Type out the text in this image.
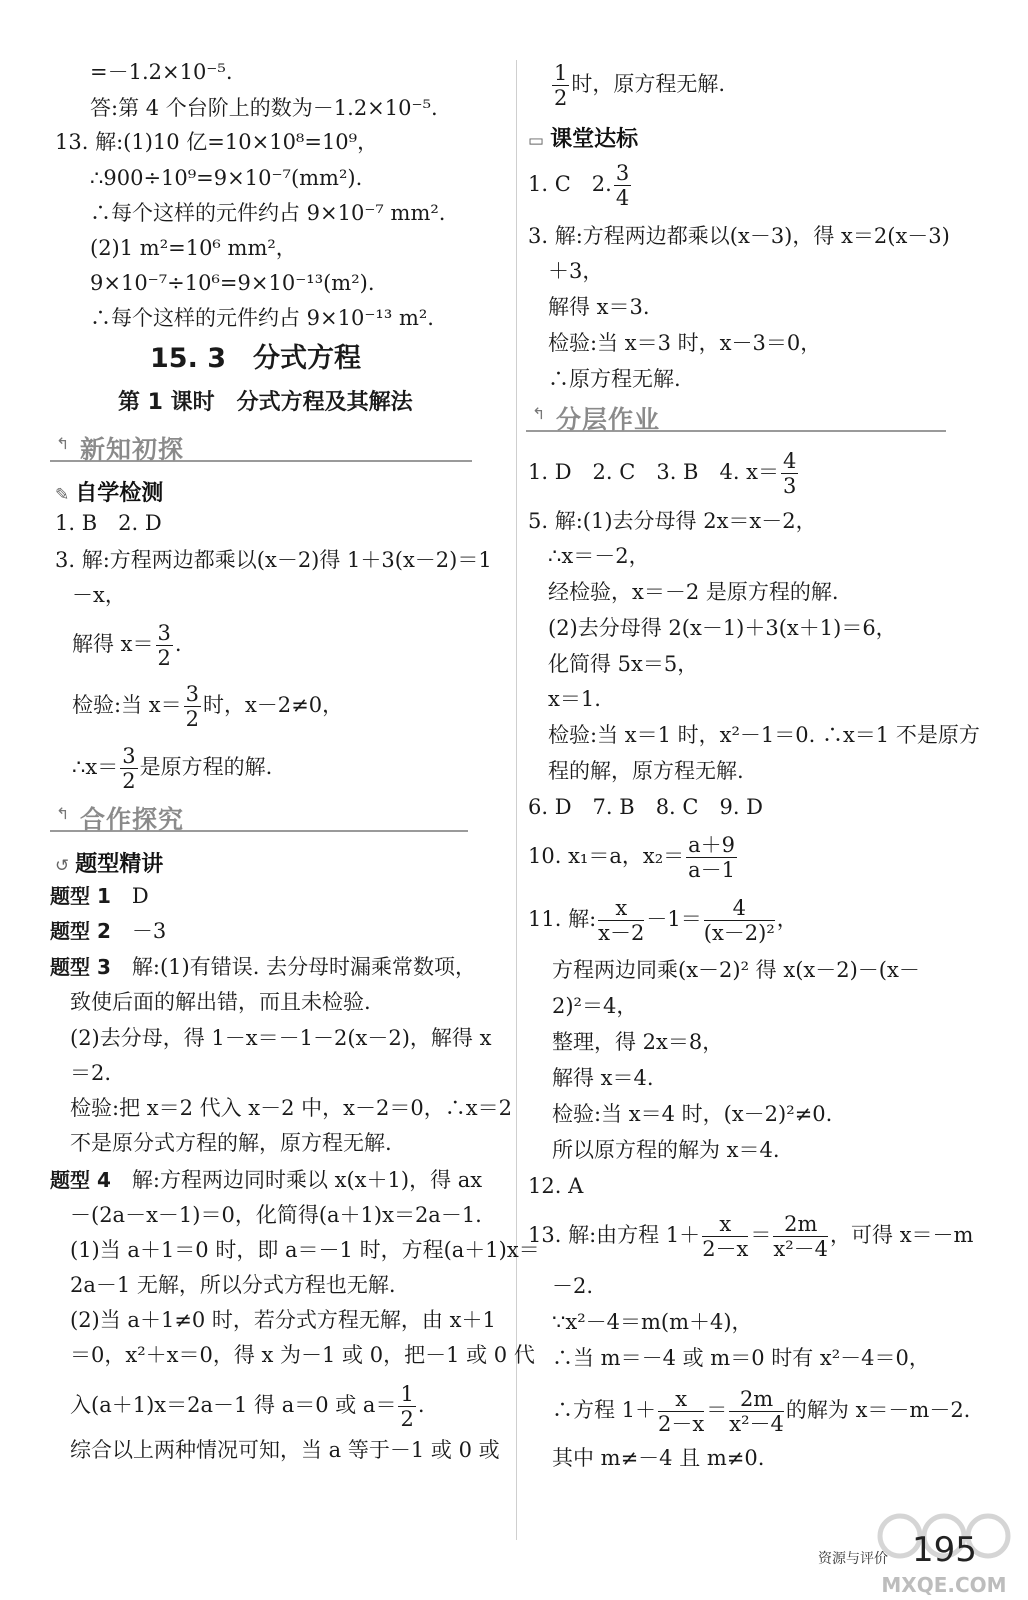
=－1.2×10⁻⁵.
答:第 4 个台阶上的数为－1.2×10⁻⁵.
13. 解:(1)10 亿=10×10⁸=10⁹，
∴900÷10⁹=9×10⁻⁷(mm²).
∴每个这样的元件约占 9×10⁻⁷ mm².
(2)1 m²=10⁶ mm²，
9×10⁻⁷÷10⁶=9×10⁻¹³(m²).
∴每个这样的元件约占 9×10⁻¹³ m².
15. 3　分式方程
第 1 课时　分式方程及其解法
↰ 新知初探
✎ 自学检测
1. B　2. D
3. 解:方程两边都乘以(x－2)得 1＋3(x－2)＝1
－x，
解得 $x= \frac{3}{2}$ .
检验:当 $x= \frac{3}{2}$ 时，x－2≠0，
∴x＝ $\frac{3}{2}$ 是原方程的解.
↰ 合作探究
↺ 题型精讲
题型 1　 D
题型 2　 －3
题型 3　 解:(1)有错误. 去分母时漏乘常数项，
致使后面的解出错，而且未检验.
(2)去分母，得 1－x＝－1－2(x－2)，解得 x
＝2.
检验:把 x＝2 代入 x－2 中，x－2＝0，∴x＝2
不是原分式方程的解，原方程无解.
题型 4　 解:方程两边同时乘以 x(x＋1)，得 ax
－(2a－x－1)＝0，化简得(a＋1)x＝2a－1.
(1)当 a＋1＝0 时，即 a＝－1 时，方程(a＋1)x＝
2a－1 无解，所以分式方程也无解.
(2)当 a＋1≠0 时，若分式方程无解，由 x＋1
＝0，x²＋x＝0，得 x 为－1 或 0，把－1 或 0 代
入(a＋1)x＝2a－1 得 a＝0 或 $a= \frac{1}{2}$ .
综合以上两种情况可知，当 a 等于－1 或 0 或
$\frac{1}{2}$ 时，原方程无解.
▭ 课堂达标
1. C　2. $\frac{3}{4}$
3. 解:方程两边都乘以(x－3)，得 x＝2(x－3)
＋3，
解得 x＝3.
检验:当 x＝3 时，x－3＝0，
∴原方程无解.
↰ 分层作业
1. D　2. C　3. B　4. $x= \frac{4}{3}$
5. 解:(1)去分母得 2x＝x－2，
∴x＝－2，
经检验，x＝－2 是原方程的解.
(2)去分母得 2(x－1)＋3(x＋1)＝6，
化简得 5x＝5，
x＝1.
检验:当 x＝1 时，x²－1＝0. ∴x＝1 不是原方
程的解，原方程无解.
6. D　7. B　8. C　9. D
10. x₁＝a，$x_2= \frac{a+9}{a-1}$
11. 解: $\frac{x}{x-2} -1= \frac{4}{\text{(x－2)²}}$ ，
方程两边同乘(x－2)² 得 x(x－2)－(x－
2)²＝4，
整理，得 2x＝8，
解得 x＝4.
检验:当 x＝4 时，(x－2)²≠0.
所以原方程的解为 x＝4.
12. A
13. 解:由方程 $1+ \frac{x}{2-x} = \frac{2m}{\text{x²－4}}$ ，可得 x＝－m
－2.
∵x²－4＝m(m＋4)，
∴当 m＝－4 或 m＝0 时有 x²－4＝0，
∴方程 $1+ \frac{x}{2-x} = \frac{2m}{\text{x²－4}}$ 的解为 x＝－m－2.
其中 m≠－4 且 m≠0.
MXQE.COM
资源与评价 195
